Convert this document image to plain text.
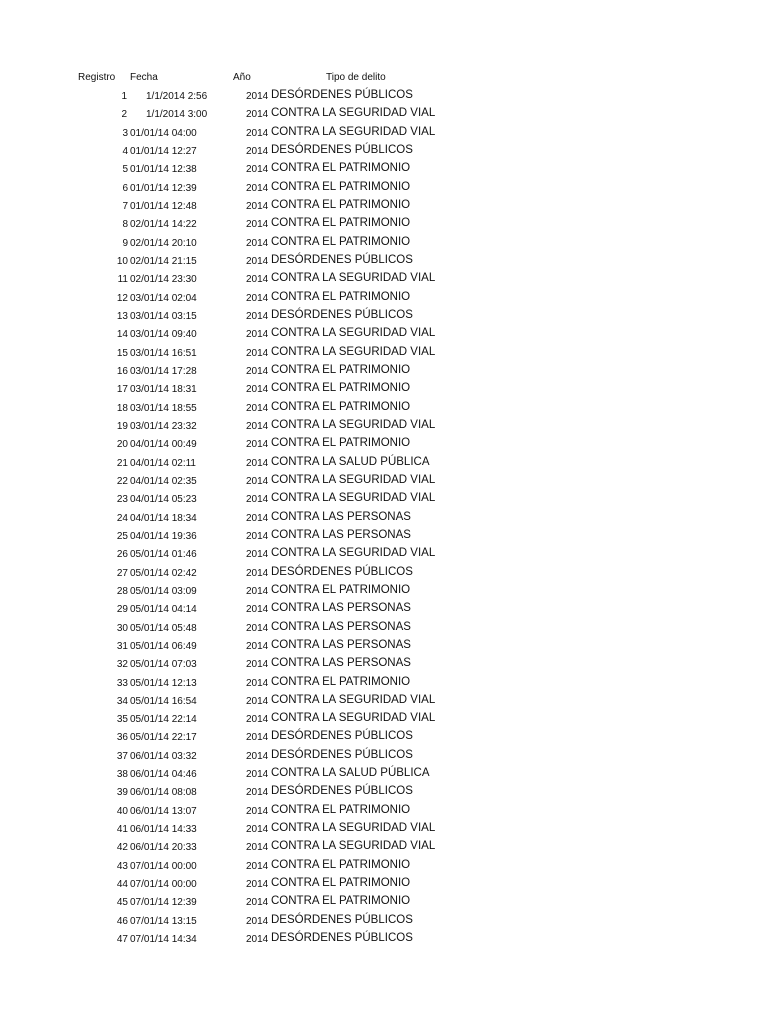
Registro Fecha	Año	Tipo de delito
1 1/1/2014 2:56	2014 DESÓRDENES PÚBLICOS
2 1/1/2014 3:00	2014 CONTRA LA SEGURIDAD VIAL
3 01/01/14 04:00	2014 CONTRA LA SEGURIDAD VIAL
4 01/01/14 12:27	2014 DESÓRDENES PÚBLICOS
5 01/01/14 12:38	2014 CONTRA EL PATRIMONIO
6 01/01/14 12:39	2014 CONTRA EL PATRIMONIO
7 01/01/14 12:48	2014 CONTRA EL PATRIMONIO
8 02/01/14 14:22	2014 CONTRA EL PATRIMONIO
9 02/01/14 20:10	2014 CONTRA EL PATRIMONIO
10 02/01/14 21:15	2014 DESÓRDENES PÚBLICOS
11 02/01/14 23:30	2014 CONTRA LA SEGURIDAD VIAL
12 03/01/14 02:04	2014 CONTRA EL PATRIMONIO
13 03/01/14 03:15	2014 DESÓRDENES PÚBLICOS
14 03/01/14 09:40	2014 CONTRA LA SEGURIDAD VIAL
15 03/01/14 16:51	2014 CONTRA LA SEGURIDAD VIAL
16 03/01/14 17:28	2014 CONTRA EL PATRIMONIO
17 03/01/14 18:31	2014 CONTRA EL PATRIMONIO
18 03/01/14 18:55	2014 CONTRA EL PATRIMONIO
19 03/01/14 23:32	2014 CONTRA LA SEGURIDAD VIAL
20 04/01/14 00:49	2014 CONTRA EL PATRIMONIO
21 04/01/14 02:11	2014 CONTRA LA SALUD PÚBLICA
22 04/01/14 02:35	2014 CONTRA LA SEGURIDAD VIAL
23 04/01/14 05:23	2014 CONTRA LA SEGURIDAD VIAL
24 04/01/14 18:34	2014 CONTRA LAS PERSONAS
25 04/01/14 19:36	2014 CONTRA LAS PERSONAS
26 05/01/14 01:46	2014 CONTRA LA SEGURIDAD VIAL
27 05/01/14 02:42	2014 DESÓRDENES PÚBLICOS
28 05/01/14 03:09	2014 CONTRA EL PATRIMONIO
29 05/01/14 04:14	2014 CONTRA LAS PERSONAS
30 05/01/14 05:48	2014 CONTRA LAS PERSONAS
31 05/01/14 06:49	2014 CONTRA LAS PERSONAS
32 05/01/14 07:03	2014 CONTRA LAS PERSONAS
33 05/01/14 12:13	2014 CONTRA EL PATRIMONIO
34 05/01/14 16:54	2014 CONTRA LA SEGURIDAD VIAL
35 05/01/14 22:14	2014 CONTRA LA SEGURIDAD VIAL
36 05/01/14 22:17	2014 DESÓRDENES PÚBLICOS
37 06/01/14 03:32	2014 DESÓRDENES PÚBLICOS
38 06/01/14 04:46	2014 CONTRA LA SALUD PÚBLICA
39 06/01/14 08:08	2014 DESÓRDENES PÚBLICOS
40 06/01/14 13:07	2014 CONTRA EL PATRIMONIO
41 06/01/14 14:33	2014 CONTRA LA SEGURIDAD VIAL
42 06/01/14 20:33	2014 CONTRA LA SEGURIDAD VIAL
43 07/01/14 00:00	2014 CONTRA EL PATRIMONIO
44 07/01/14 00:00	2014 CONTRA EL PATRIMONIO
45 07/01/14 12:39	2014 CONTRA EL PATRIMONIO
46 07/01/14 13:15	2014 DESÓRDENES PÚBLICOS
47 07/01/14 14:34	2014 DESÓRDENES PÚBLICOS
